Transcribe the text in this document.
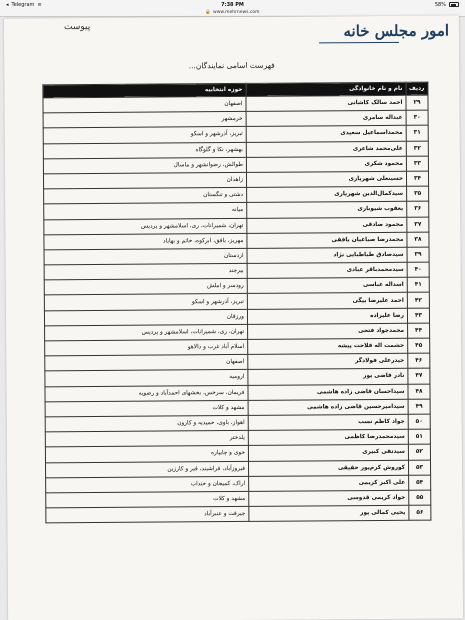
◂ Telegram ≋	7:38 PM	58%
🔒 www.mehrnews.com
پیوست	امور مجلس خانه
فهرست اسامی نمایندگان...
ردیف	نام و نام خانوادگی	حوزه انتخابیه
۲۹	احمد سالک کاشانی	اصفهان
۳۰	عبداله سامری	خرمشهر
۳۱	محمداسماعیل سعیدی	تبریز، آذرشهر و اسکو
۳۲	علی‌محمد شاعری	بهشهر، نکا و گلوگاه
۳۳	محمود شکری	طوالش، رضوانشهر و ماسال
۳۴	حسینعلی شهریاری	زاهدان
۳۵	سیدکمال‌الدین شهریاری	دشتی و تنگستان
۳۶	یعقوب شیوباری	میانه
۳۷	محمود صادقی	تهران، شمیرانات، ری، اسلامشهر و پردیس
۳۸	محمدرضا صباغیان بافقی	مهریز، بافق، ابرکوه، خاتم و بهاباد
۳۹	سیدصادق طباطبایی نژاد	اردستان
۴۰	سیدمحمدباقر عبادی	بیرجند
۴۱	اسداله عباسی	رودسر و املش
۴۲	احمد علیرضا بیگی	تبریز، آذرشهر و اسکو
۴۳	رضا علیزاده	ورزقان
۴۴	محمدجواد فتحی	تهران، ری، شمیرانات، اسلامشهر و پردیس
۴۵	حشمت اله فلاحت پیشه	اسلام آباد غرب و دالاهو
۴۶	حیدرعلی فولادگر	اصفهان
۴۷	نادر قاضی پور	ارومیه
۴۸	سیداحسان قاضی زاده هاشمی	فریمان، سرخس، بخشهای احمدآباد و رضویه
۴۹	سیدامیرحسین قاضی زاده هاشمی	مشهد و کلات
۵۰	جواد کاظم نسب	اهواز، باوی، حمیدیه و کارون
۵۱	سیدمحمدرضا کاظمی	پلدختر
۵۲	سیدتقی کبیری	خوی و چایپاره
۵۳	کوروش کرم‌پور حقیقی	فیروزآباد، فراشبند، قیر و کارزین
۵۴	علی اکبر کریمی	اراک، کمیجان و خنداب
۵۵	جواد کریمی قدوسی	مشهد و کلات
۵۶	یحیی کمالی پور	جیرفت و عنبرآباد
